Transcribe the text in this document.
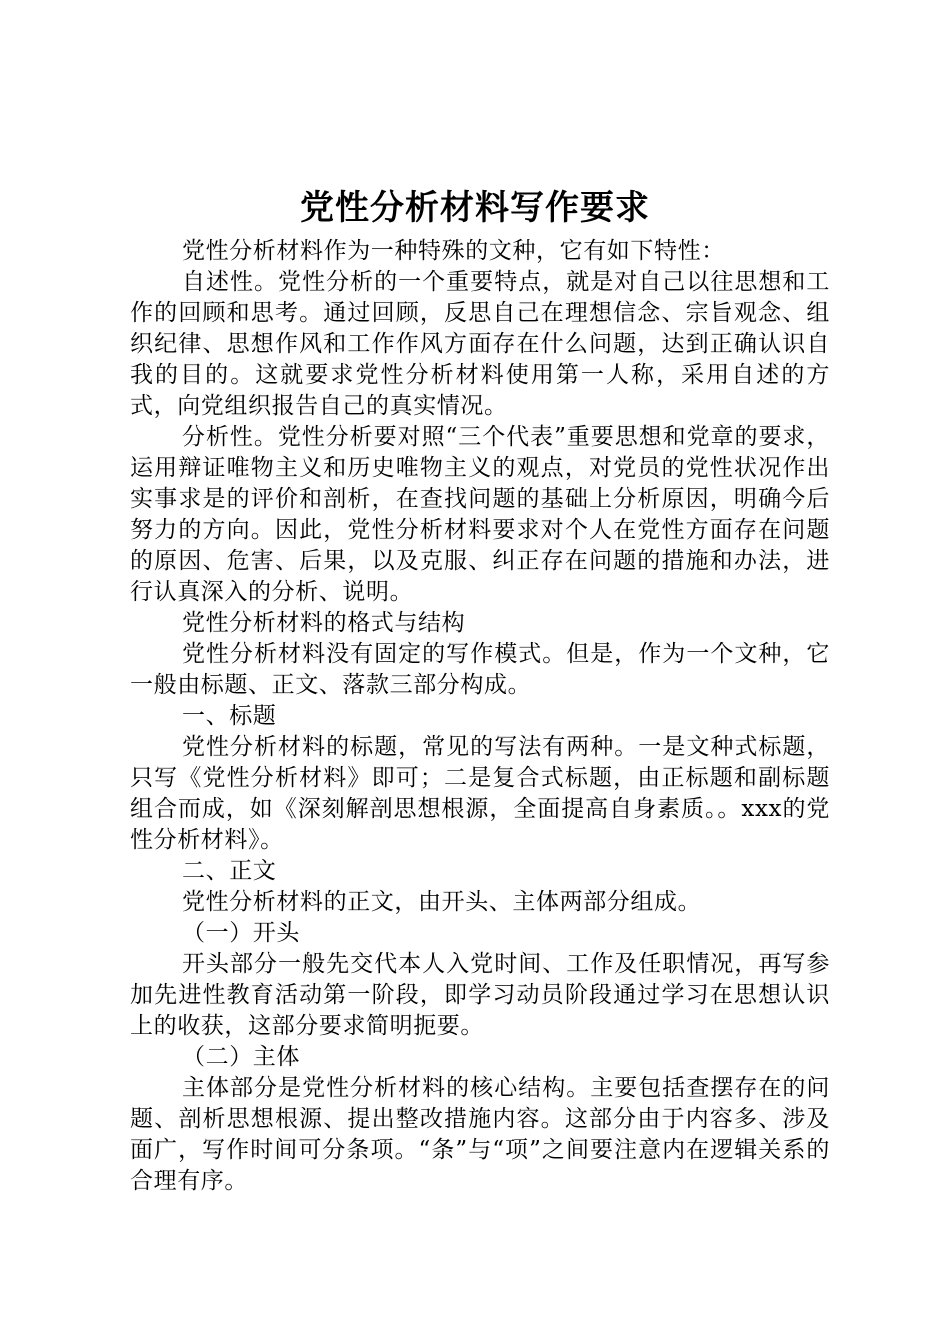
党性分析材料写作要求

党性分析材料作为一种特殊的文种，它有如下特性：

自述性。党性分析的一个重要特点，就是对自己以往思想和工作的回顾和思考。通过回顾，反思自己在理想信念、宗旨观念、组织纪律、思想作风和工作作风方面存在什么问题，达到正确认识自我的目的。这就要求党性分析材料使用第一人称，采用自述的方式，向党组织报告自己的真实情况。

分析性。党性分析要对照“三个代表”重要思想和党章的要求，运用辩证唯物主义和历史唯物主义的观点，对党员的党性状况作出实事求是的评价和剖析，在查找问题的基础上分析原因，明确今后努力的方向。因此，党性分析材料要求对个人在党性方面存在问题的原因、危害、后果，以及克服、纠正存在问题的措施和办法，进行认真深入的分析、说明。

党性分析材料的格式与结构

党性分析材料没有固定的写作模式。但是，作为一个文种，它一般由标题、正文、落款三部分构成。

一、标题

党性分析材料的标题，常见的写法有两种。一是文种式标题，只写《党性分析材料》即可；二是复合式标题，由正标题和副标题组合而成，如《深刻解剖思想根源，全面提高自身素质。。xxx的党性分析材料》。

二、正文

党性分析材料的正文，由开头、主体两部分组成。

（一）开头

开头部分一般先交代本人入党时间、工作及任职情况，再写参加先进性教育活动第一阶段，即学习动员阶段通过学习在思想认识上的收获，这部分要求简明扼要。

（二）主体

主体部分是党性分析材料的核心结构。主要包括查摆存在的问题、剖析思想根源、提出整改措施内容。这部分由于内容多、涉及面广，写作时间可分条项。“条”与“项”之间要注意内在逻辑关系的合理有序。
